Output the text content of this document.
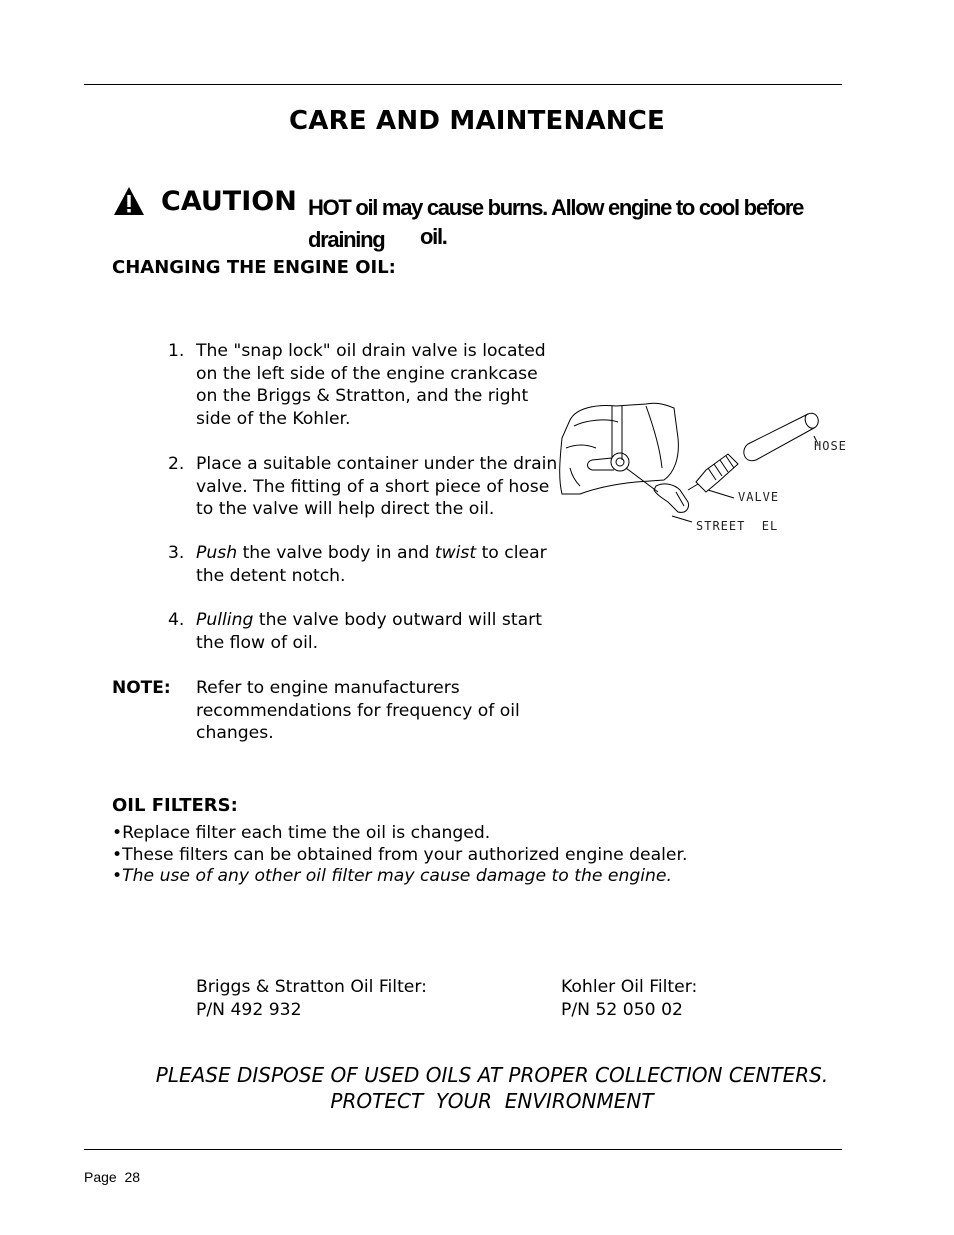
CARE AND MAINTENANCE
CAUTION HOT oil may cause burns. Allow engine to cool before draining	oil.
CHANGING THE ENGINE OIL:
1. The "snap lock" oil drain valve is located
on the left side of the engine crankcase
on the Briggs & Stratton, and the right
side of the Kohler.
2. Place a suitable container under the drain
valve. The fitting of a short piece of hose
to the valve will help direct the oil.
3. Push the valve body in and twist to clear
the detent notch.
4. Pulling the valve body outward will start
the flow of oil.
NOTE: Refer to engine manufacturers
recommendations for frequency of oil
changes.
HOSE
VALVE
STREET  EL
OIL FILTERS:
•Replace filter each time the oil is changed.
•These filters can be obtained from your authorized engine dealer.
•The use of any other oil filter may cause damage to the engine.
Briggs & Stratton Oil Filter:
P/N 492 932
Kohler Oil Filter:
P/N 52 050 02
PLEASE DISPOSE OF USED OILS AT PROPER COLLECTION CENTERS.
PROTECT  YOUR  ENVIRONMENT
Page  28
